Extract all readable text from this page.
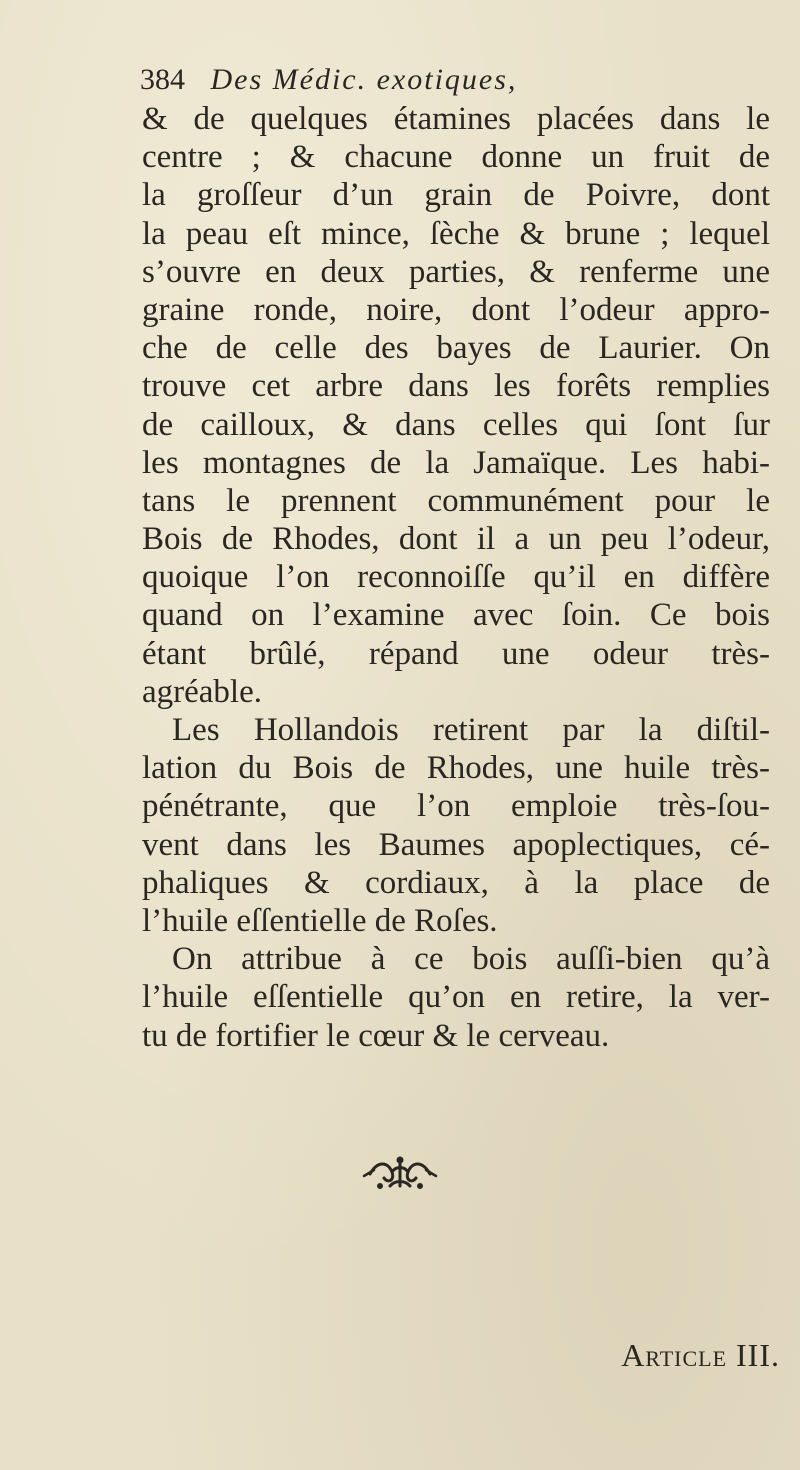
384 Des Médic. exotiques,
& de quelques étamines placées dans le
centre ; & chacune donne un fruit de
la groſſeur d’un grain de Poivre, dont
la peau eſt mince, ſèche & brune ; lequel
s’ouvre en deux parties, & renferme une
graine ronde, noire, dont l’odeur appro-
che de celle des bayes de Laurier. On
trouve cet arbre dans les forêts remplies
de cailloux, & dans celles qui ſont ſur
les montagnes de la Jamaïque. Les habi-
tans le prennent communément pour le
Bois de Rhodes, dont il a un peu l’odeur,
quoique l’on reconnoiſſe qu’il en diffère
quand on l’examine avec ſoin. Ce bois
étant brûlé, répand une odeur très-
agréable.
Les Hollandois retirent par la diſtil-
lation du Bois de Rhodes, une huile très-
pénétrante, que l’on emploie très-ſou-
vent dans les Baumes apoplectiques, cé-
phaliques & cordiaux, à la place de
l’huile eſſentielle de Roſes.
On attribue à ce bois auſſi-bien qu’à
l’huile eſſentielle qu’on en retire, la ver-
tu de fortifier le cœur & le cerveau.
Article III.
